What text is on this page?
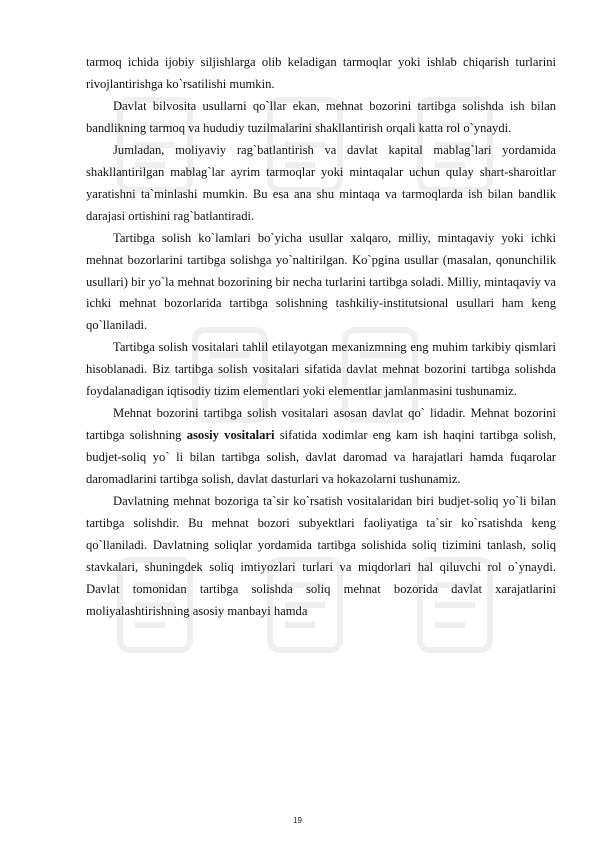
tarmoq ichida ijobiy siljishlarga olib keladigan tarmoqlar yoki ishlab chiqarish turlarini rivojlantirishga ko`rsatilishi mumkin.

Davlat bilvosita usullarni qo`llar ekan, mehnat bozorini tartibga solishda ish bilan bandlikning tarmoq va hududiy tuzilmalarini shakllantirish orqali katta rol o`ynaydi.

Jumladan, moliyaviy rag`batlantirish va davlat kapital mablag`lari yordamida shakllantirilgan mablag`lar ayrim tarmoqlar yoki mintaqalar uchun qulay shart-sharoitlar yaratishni ta`minlashi mumkin. Bu esa ana shu mintaqa va tarmoqlarda ish bilan bandlik darajasi ortishini rag`batlantiradi.

Tartibga solish ko`lamlari bo`yicha usullar xalqaro, milliy, mintaqaviy yoki ichki mehnat bozorlarini tartibga solishga yo`naltirilgan. Ko`pgina usullar (masalan, qonunchilik usullari) bir yo`la mehnat bozorining bir necha turlarini tartibga soladi. Milliy, mintaqaviy va ichki mehnat bozorlarida tartibga solishning tashkiliy-institutsional usullari ham keng qo`llaniladi.

Tartibga solish vositalari tahlil etilayotgan mexanizmning eng muhim tarkibiy qismlari hisoblanadi. Biz tartibga solish vositalari sifatida davlat mehnat bozorini tartibga solishda foydalanadigan iqtisodiy tizim elementlari yoki elementlar jamlanmasini tushunamiz.

Mehnat bozorini tartibga solish vositalari asosan davlat qo` lidadir. Mehnat bozorini tartibga solishning asosiy vositalari sifatida xodimlar eng kam ish haqini tartibga solish, budjet-soliq yo` li bilan tartibga solish, davlat daromad va harajatlari hamda fuqarolar daromadlarini tartibga solish, davlat dasturlari va hokazolarni tushunamiz.

Davlatning mehnat bozoriga ta`sir ko`rsatish vositalaridan biri budjet-soliq yo`li bilan tartibga solishdir. Bu mehnat bozori subyektlari faoliyatiga ta`sir ko`rsatishda keng qo`llaniladi. Davlatning soliqlar yordamida tartibga solishida soliq tizimini tanlash, soliq stavkalari, shuningdek soliq imtiyozlari turlari va miqdorlari hal qiluvchi rol o`ynaydi. Davlat tomonidan tartibga solishda soliq mehnat bozorida davlat xarajatlarini moliyalashtirishning asosiy manbayi hamda

19
